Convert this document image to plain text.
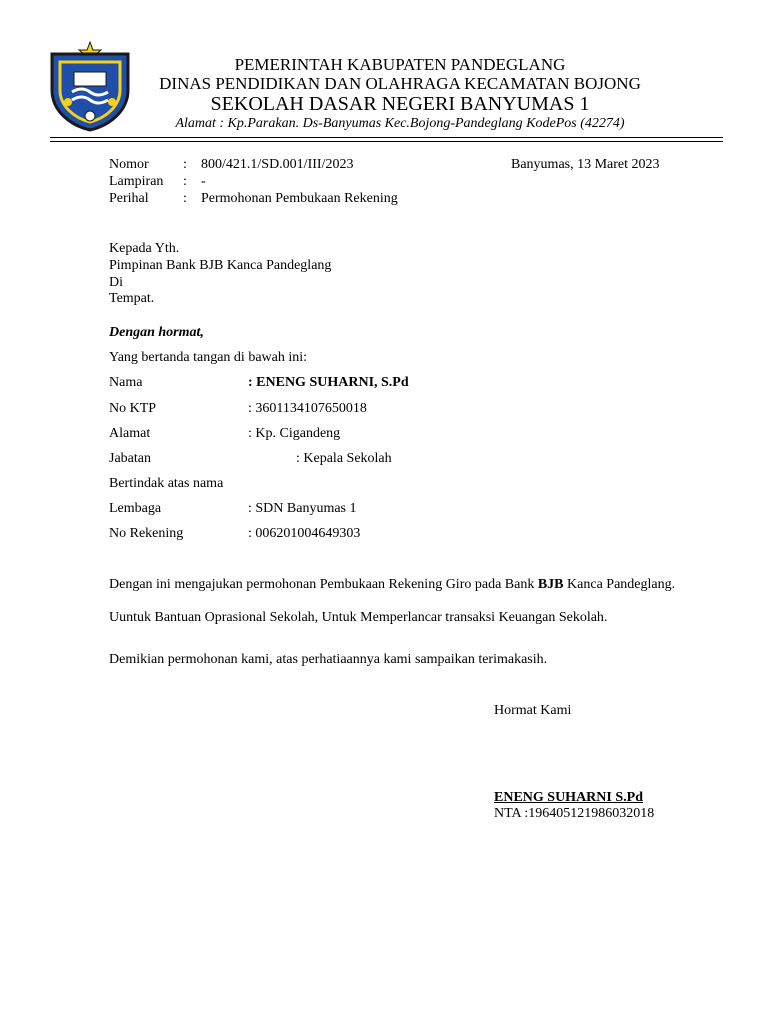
PEMERINTAH KABUPATEN PANDEGLANG
DINAS PENDIDIKAN DAN OLAHRAGA KECAMATAN BOJONG
SEKOLAH DASAR NEGERI BANYUMAS 1
Alamat : Kp.Parakan. Ds-Banyumas Kec.Bojong-Pandeglang KodePos (42274)
Nomor : 800/421.1/SD.001/III/2023	Banyumas, 13 Maret 2023
Lampiran : -
Perihal : Permohonan Pembukaan Rekening
Kepada Yth.
Pimpinan Bank BJB Kanca Pandeglang
Di
Tempat.
Dengan hormat,
Yang bertanda tangan di bawah ini:
Nama	: ENENG SUHARNI, S.Pd
No KTP	: 3601134107650018
Alamat	: Kp. Cigandeng
Jabatan	: Kepala Sekolah
Bertindak atas nama
Lembaga	: SDN Banyumas 1
No Rekening	: 006201004649303
Dengan ini mengajukan permohonan Pembukaan Rekening Giro pada Bank BJB Kanca Pandeglang.
Uuntuk Bantuan Oprasional Sekolah, Untuk Memperlancar transaksi Keuangan Sekolah.
Demikian permohonan kami, atas perhatiaannya kami sampaikan terimakasih.
Hormat Kami
ENENG SUHARNI S.Pd
NTA :196405121986032018
